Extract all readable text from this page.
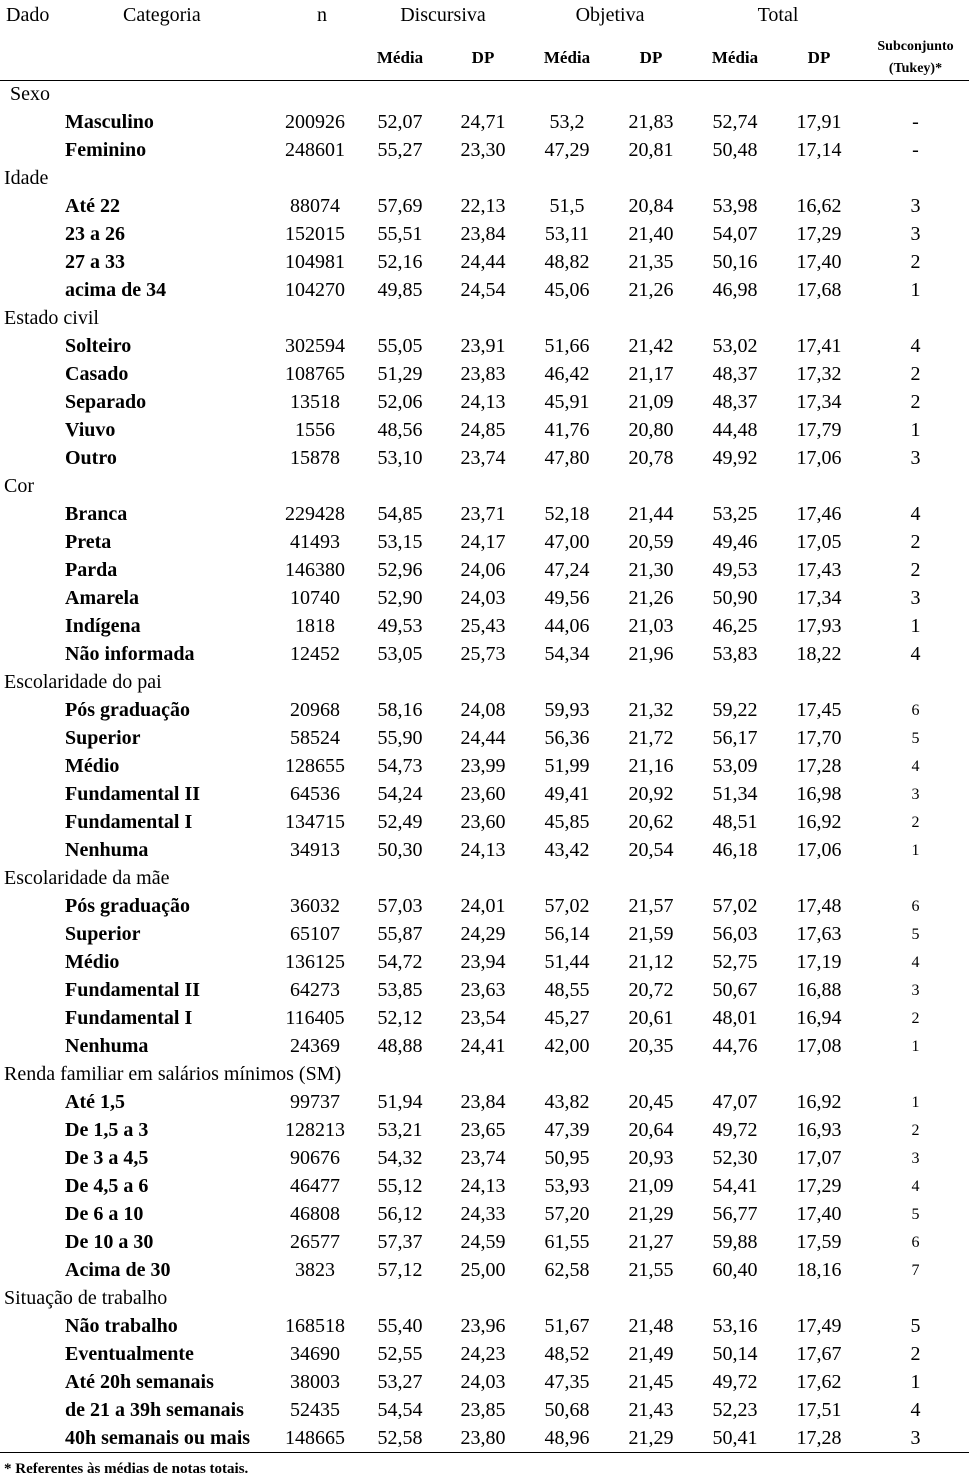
Dado Categoria	n	Discursiva		Objetiva		Total		
		Média	DP	Média	DP	Média	DP	Subconjunto
(Tukey)*

Sexo								
Masculino	200926	52,07	24,71	53,2	21,83	52,74	17,91	-
Feminino	248601	55,27	23,30	47,29	20,81	50,48	17,14	-
Idade								
Até 22	88074	57,69	22,13	51,5	20,84	53,98	16,62	3
23 a 26	152015	55,51	23,84	53,11	21,40	54,07	17,29	3
27 a 33	104981	52,16	24,44	48,82	21,35	50,16	17,40	2
acima de 34	104270	49,85	24,54	45,06	21,26	46,98	17,68	1
Estado civil								
Solteiro	302594	55,05	23,91	51,66	21,42	53,02	17,41	4
Casado	108765	51,29	23,83	46,42	21,17	48,37	17,32	2
Separado	13518	52,06	24,13	45,91	21,09	48,37	17,34	2
Viuvo	1556	48,56	24,85	41,76	20,80	44,48	17,79	1
Outro	15878	53,10	23,74	47,80	20,78	49,92	17,06	3
Cor								
Branca	229428	54,85	23,71	52,18	21,44	53,25	17,46	4
Preta	41493	53,15	24,17	47,00	20,59	49,46	17,05	2
Parda	146380	52,96	24,06	47,24	21,30	49,53	17,43	2
Amarela	10740	52,90	24,03	49,56	21,26	50,90	17,34	3
Indígena	1818	49,53	25,43	44,06	21,03	46,25	17,93	1
Não informada	12452	53,05	25,73	54,34	21,96	53,83	18,22	4
Escolaridade do pai								
Pós graduação	20968	58,16	24,08	59,93	21,32	59,22	17,45	6
Superior	58524	55,90	24,44	56,36	21,72	56,17	17,70	5
Médio	128655	54,73	23,99	51,99	21,16	53,09	17,28	4
Fundamental II	64536	54,24	23,60	49,41	20,92	51,34	16,98	3
Fundamental I	134715	52,49	23,60	45,85	20,62	48,51	16,92	2
Nenhuma	34913	50,30	24,13	43,42	20,54	46,18	17,06	1
Escolaridade da mãe								
Pós graduação	36032	57,03	24,01	57,02	21,57	57,02	17,48	6
Superior	65107	55,87	24,29	56,14	21,59	56,03	17,63	5
Médio	136125	54,72	23,94	51,44	21,12	52,75	17,19	4
Fundamental II	64273	53,85	23,63	48,55	20,72	50,67	16,88	3
Fundamental I	116405	52,12	23,54	45,27	20,61	48,01	16,94	2
Nenhuma	24369	48,88	24,41	42,00	20,35	44,76	17,08	1
Renda familiar em salários mínimos (SM)								
Até 1,5	99737	51,94	23,84	43,82	20,45	47,07	16,92	1
De 1,5 a 3	128213	53,21	23,65	47,39	20,64	49,72	16,93	2
De 3 a 4,5	90676	54,32	23,74	50,95	20,93	52,30	17,07	3
De 4,5 a 6	46477	55,12	24,13	53,93	21,09	54,41	17,29	4
De 6 a 10	46808	56,12	24,33	57,20	21,29	56,77	17,40	5
De 10 a 30	26577	57,37	24,59	61,55	21,27	59,88	17,59	6
Acima de 30	3823	57,12	25,00	62,58	21,55	60,40	18,16	7
Situação de trabalho								
Não trabalho	168518	55,40	23,96	51,67	21,48	53,16	17,49	5
Eventualmente	34690	52,55	24,23	48,52	21,49	50,14	17,67	2
Até 20h semanais	38003	53,27	24,03	47,35	21,45	49,72	17,62	1
de 21 a 39h semanais	52435	54,54	23,85	50,68	21,43	52,23	17,51	4
40h semanais ou mais	148665	52,58	23,80	48,96	21,29	50,41	17,28	3
* Referentes às médias de notas totais.
